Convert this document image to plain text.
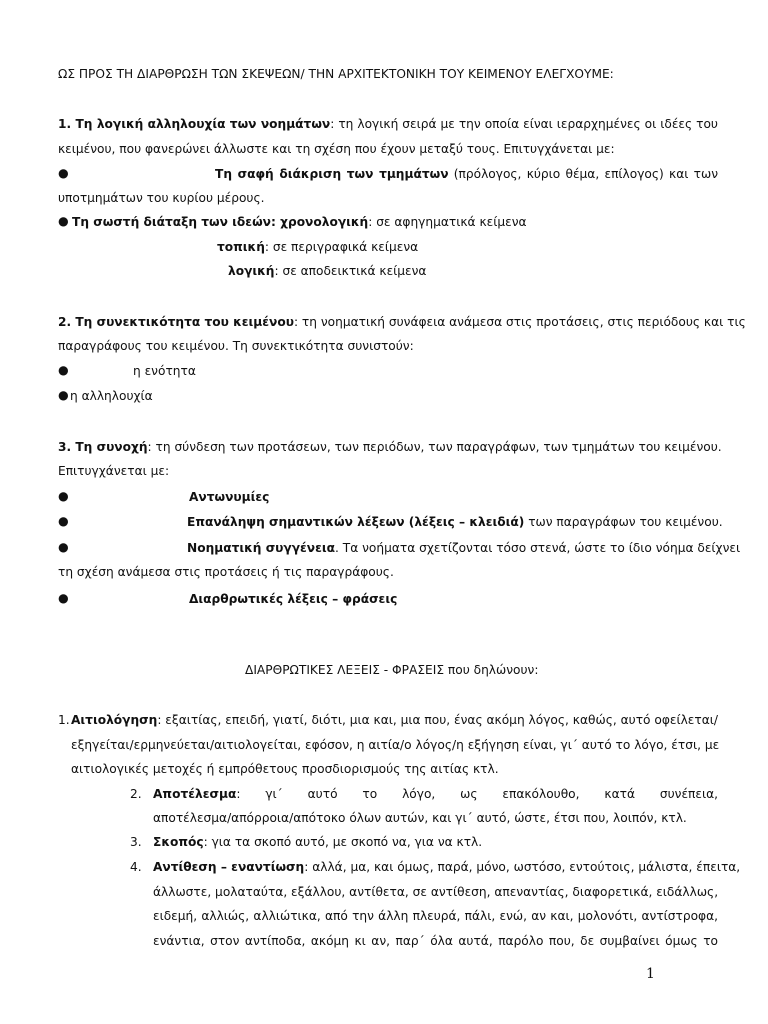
ΩΣ ΠΡΟΣ ΤΗ ΔΙΑΡΘΡΩΣΗ ΤΩΝ ΣΚΕΨΕΩΝ/ ΤΗΝ ΑΡΧΙΤΕΚΤΟΝΙΚΗ ΤΟΥ ΚΕΙΜΕΝΟΥ ΕΛΕΓΧΟΥΜΕ:
1. Τη λογική αλληλουχία των νοημάτων: τη λογική σειρά με την οποία είναι ιεραρχημένες οι ιδέες του
κειμένου, που φανερώνει άλλωστε και τη σχέση που έχουν μεταξύ τους. Επιτυγχάνεται με:
●	Τη σαφή διάκριση των τμημάτων (πρόλογος, κύριο θέμα, επίλογος) και των
υποτμημάτων του κυρίου μέρους.
● Τη σωστή διάταξη των ιδεών: χρονολογική: σε αφηγηματικά κείμενα
τοπική: σε περιγραφικά κείμενα
λογική: σε αποδεικτικά κείμενα
2. Τη συνεκτικότητα του κειμένου: τη νοηματική συνάφεια ανάμεσα στις προτάσεις, στις περιόδους και τις
παραγράφους του κειμένου. Τη συνεκτικότητα συνιστούν:
●	η ενότητα
● η αλληλουχία
3. Τη συνοχή: τη σύνδεση των προτάσεων, των περιόδων, των παραγράφων, των τμημάτων του κειμένου.
Επιτυγχάνεται με:
●	Αντωνυμίες
●	Επανάληψη σημαντικών λέξεων (λέξεις – κλειδιά) των παραγράφων του κειμένου.
●	Νοηματική συγγένεια. Τα νοήματα σχετίζονται τόσο στενά, ώστε το ίδιο νόημα δείχνει
τη σχέση ανάμεσα στις προτάσεις ή τις παραγράφους.
●	Διαρθρωτικές λέξεις – φράσεις
ΔΙΑΡΘΡΩΤΙΚΕΣ ΛΕΞΕΙΣ - ΦΡΑΣΕΙΣ που δηλώνουν:
1. Αιτιολόγηση: εξαιτίας, επειδή, γιατί, διότι, μια και, μια που, ένας ακόμη λόγος, καθώς, αυτό οφείλεται/
εξηγείται/ερμηνεύεται/αιτιολογείται, εφόσον, η αιτία/ο λόγος/η εξήγηση είναι, γι΄ αυτό το λόγο, έτσι, με
αιτιολογικές μετοχές ή εμπρόθετους προσδιορισμούς της αιτίας κτλ.
2. Αποτέλεσμα: γι΄ αυτό το λόγο, ως επακόλουθο, κατά συνέπεια,
αποτέλεσμα/απόρροια/απότοκο όλων αυτών, και γι΄ αυτό, ώστε, έτσι που, λοιπόν, κτλ.
3. Σκοπός: για τα σκοπό αυτό, με σκοπό να, για να κτλ.
4. Αντίθεση – εναντίωση: αλλά, μα, και όμως, παρά, μόνο, ωστόσο, εντούτοις, μάλιστα, έπειτα,
άλλωστε, μολαταύτα, εξάλλου, αντίθετα, σε αντίθεση, απεναντίας, διαφορετικά, ειδάλλως,
ειδεμή, αλλιώς, αλλιώτικα, από την άλλη πλευρά, πάλι, ενώ, αν και, μολονότι, αντίστροφα,
ενάντια, στον αντίποδα, ακόμη κι αν, παρ΄ όλα αυτά, παρόλο που, δε συμβαίνει όμως το
1
